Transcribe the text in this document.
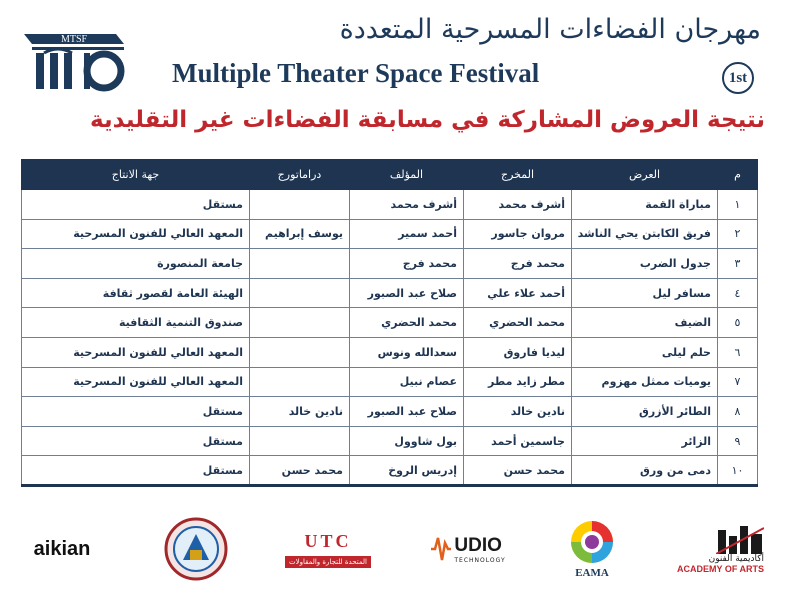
MTSF	مهرجان الفضاءات المسرحية المتعددة
Multiple Theater Space Festival	1st
نتيجة العروض المشاركة في مسابقة الفضاءات غير التقليدية
م	العرض	المخرج	المؤلف	دراماتورج	جهة الانتاج
١	مباراة القمة	أشرف محمد	أشرف محمد		مستقل
٢	فريق الكابتن يحي الناشد	مروان جاسور	أحمد سمير	يوسف إبراهيم	المعهد العالي للفنون المسرحية
٣	جدول الضرب	محمد فرج	محمد فرج		جامعة المنصورة
٤	مسافر ليل	أحمد علاء علي	صلاح عبد الصبور		الهيئة العامة لقصور ثقافة
٥	الضيف	محمد الحضري	محمد الحضري		صندوق التنمية الثقافية
٦	حلم ليلى	ليديا فاروق	سعدالله ونوس		المعهد العالي للفنون المسرحية
٧	يوميات ممثل مهزوم	مطر زايد مطر	عصام نبيل		المعهد العالي للفنون المسرحية
٨	الطائر الأزرق	نادين خالد	صلاح عبد الصبور	نادين خالد	مستقل
٩	الزائر	جاسمين أحمد	بول شاوول		مستقل
١٠	دمى من ورق	محمد حسن	إدريس الروخ	محمد حسن	مستقل
aikian	UTC
المتحدة للتجارة والمقاولات
UDIO
TECHNOLOGY
EAMA
أكاديمية الفنون
ACADEMY OF ARTS
